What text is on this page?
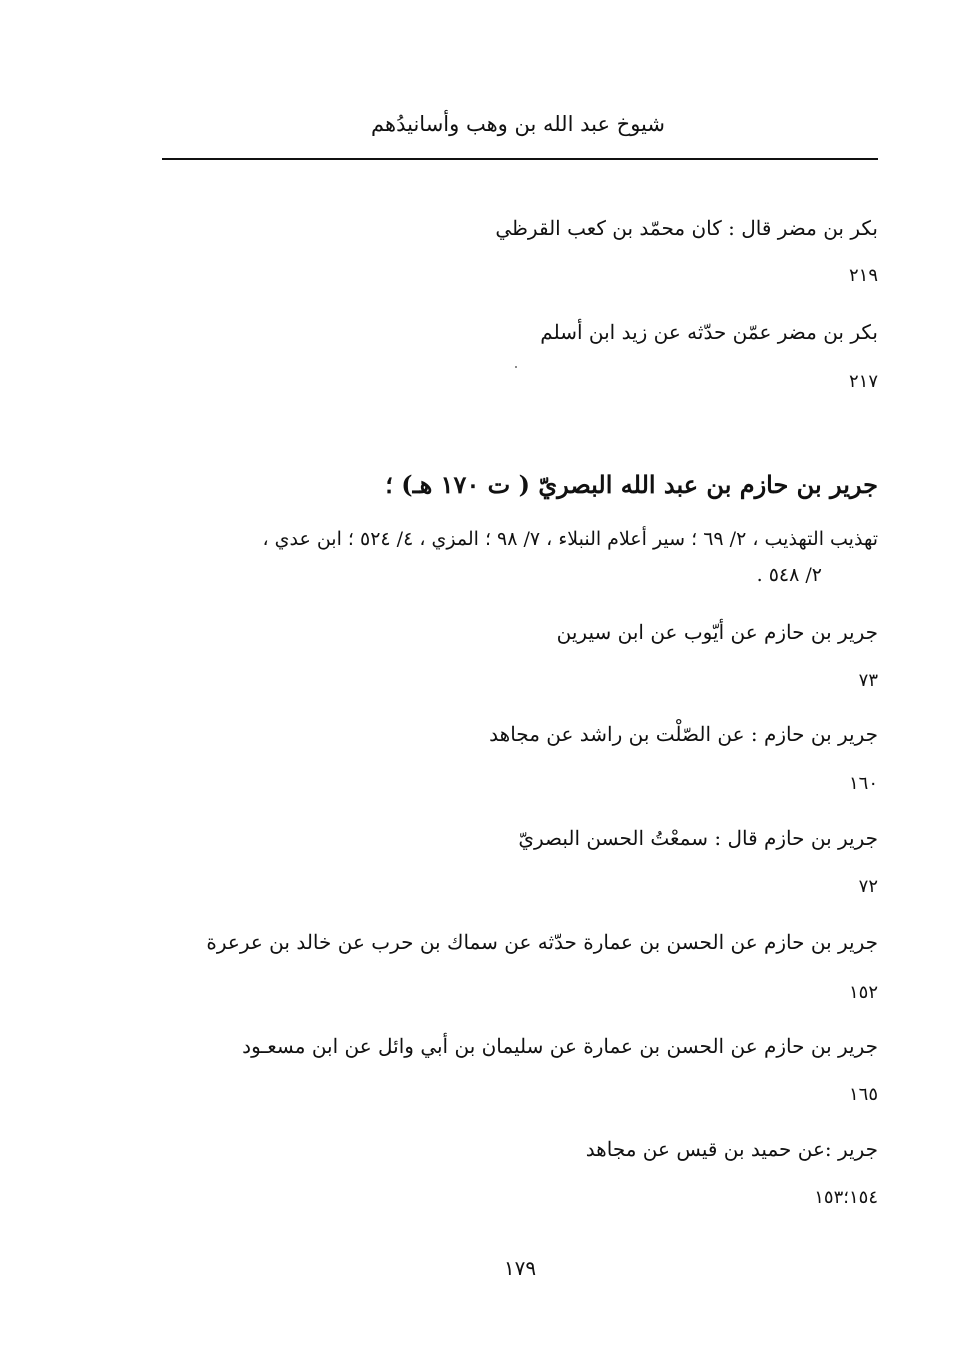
شيوخ عبد الله بن وهب وأسانيدُهم
بكر بن مضر قال : كان محمّد بن كعب القرظي
٢١٩
بكر بن مضر عمّن حدّثه عن زيد ابن أسلم
٢١٧
جرير بن حازم بن عبد الله البصريّ ( ت ١٧٠ هـ) ؛
تهذيب التهذيب ، ٢/ ٦٩ ؛ سير أعلام النبلاء ، ٧/ ٩٨ ؛ المزي ، ٤/ ٥٢٤ ؛ ابن عدي ،
٢/ ٥٤٨ .
جرير بن حازم عن أيّوب عن ابن سيرين
٧٣
جرير بن حازم : عن الصّلْت بن راشد عن مجاهد
١٦٠
جرير بن حازم قال : سمعْتُ الحسن البصريّ
٧٢
جرير بن حازم عن الحسن بن عمارة حدّثه عن سماك بن حرب عن خالد بن عرعرة
١٥٢
جرير بن حازم عن الحسن بن عمارة عن سليمان بن أبي وائل عن ابن مسعـود
١٦٥
جرير :عن حميد بن قيس عن مجاهد
١٥٤؛١٥٣
١٧٩
